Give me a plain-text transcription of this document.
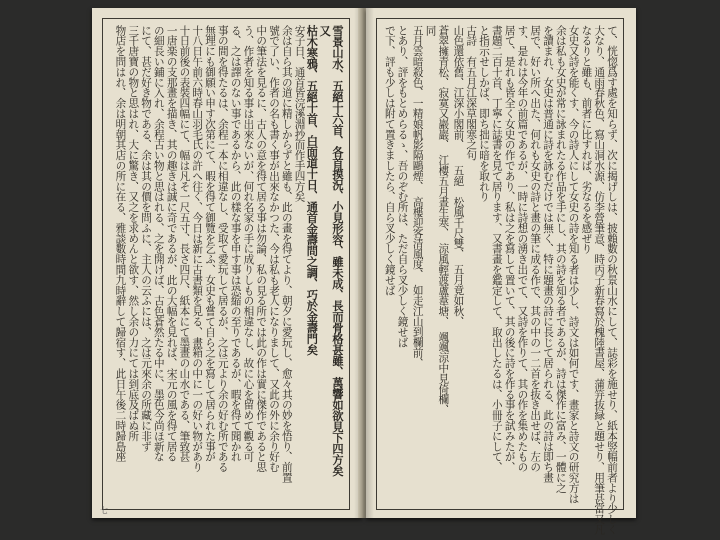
雪景山水、五絕十六首、各首摸況、小見形容、雖未成、長而骨格甚雖、萬響如欲見下四方矣
又
枯木寒鴉、五絕十首、白面道十日、通首金壽問之調、巧於金壽門矣
安子日、通首皆浣溪淵抄而作手四方矣
余は自ら其の道に精しからずと雖も、此の畫を得てより、朝夕に愛玩し、愈々其の妙を悟り、前置
號で了い、作者の名も書く事が出來なかつた、今は私も老人になりまして、又此の外に余り好む
中の筆法を見るに、古人の意を得て居る事は勿論、私の見る所では此の作は實に傑作であると思
う、作者を知る事は出來ないが、何れ名家の手に成りしもの相違なし、故に心を留めて觀る可
る、之は譯のない事であるから、此の樣な事を申す事は恐縮の至りであるが、暇を得て聞かれ
事の間を得たるは、余程一本に相違なし、受取て愛玩して居るが、之は元より余の好む所である
無理にも御願い申す次第にて、暇を得て御覽を乞ふ、女史も嘗て自ら之を寫して居られた事が
十八日午前六時春山羽毛氏の許へ往く、今日は新に古書類を見る、畫箱の中に一の好い物があり
十日前後の表裝四幅にて、幅は凡そ一尺五寸、長さ四尺、紙本にて墨畫の山水である、筆致甚
一唐楽の支那畫を描き、其の趣きは誠に奇であるが、此の大幅を見れば、宋元の風を得て居る
の細長い鋪に入れ、余程古い物と思はれる、之を開けば、古色蒼然たる中に、墨色今尚ほ新な
にて、甚だ好き物である、余は其の價を問ふに、主人の云ふには、之は元來余の所藏に非ず
三千唐寶の物と思はれ、大に驚き、又之を求めんと欲す、然し余の力にては到底及ばぬ所
物店を問はれ、余は明朝其店の所に在る、雅談數時間九時辭して歸宿す、此日午後二時歸島座
七	て、恍惚爲す處を知らず、次に揭げしは、披賴數の秋景山水にして、誌彩を施せり、紙本竪幅前者より少しく
大なり、通雨春秋色、寫山洞水源、仿李營筆意、時丙子新春寫於槐陸書屋、蒲笄抜緑と題せり、用筆甚當又凡
なるりと雖も、前者に比すれば、劣なるを感ぜり
女史又詩を能くす、今の詩人にして女史の詩を知る者は少し、詩文は如何です、畫家と詩文の研究方は
余は私も女史が常に詠まれたる作品を手にし、其の詩を知る者であるが、詩は傑作に富み、一體に之
を讀まれ、女史は普通に詩を詠むだけでは無く、特に題畫の詩に長じて居られる、此の詩は即ち畫
居で、好い所へ出た、何れも女史の詩と畫の筆に成る作で、其の中の一二首を抜き出せば、左の
す、是れは今年の前篇であるが、一時に詩想の湧き出でて、又詩を作りて、其の作を集めたもの
居て、是れも皆全く女史の作であり、私は之を寫して置いて、其の後に詩を作る事を試みたが、
書題二百十首、丁寧に誌書を見て居ります、又書畫を鑑定して、取出したるは、小冊子にして、
と指示せしかば、即ち拙に暗を取れり
古詩　有五月江深草閣寒之句
山色還依舊、江深小閣前、　　五絕　松風千尺雙、　五月竟如秋、
蒼翠擁青松、寂寞又巖巖、　江樓五月晝生寒、　涼風輕渡蘆葦塘、　颯颯涼中見倚欄、
同
五月雲暗殺色、一精娘帆影隔鷗煙、　高樓迎客清風度、　如走江山到欄前、
とあり、評をもとめらるゝ、吾のぞむ所は、ただ自ら叉少しく鏡せば
で下、評も少しは附て置きましたら、自ら叉少しく鏡せば
